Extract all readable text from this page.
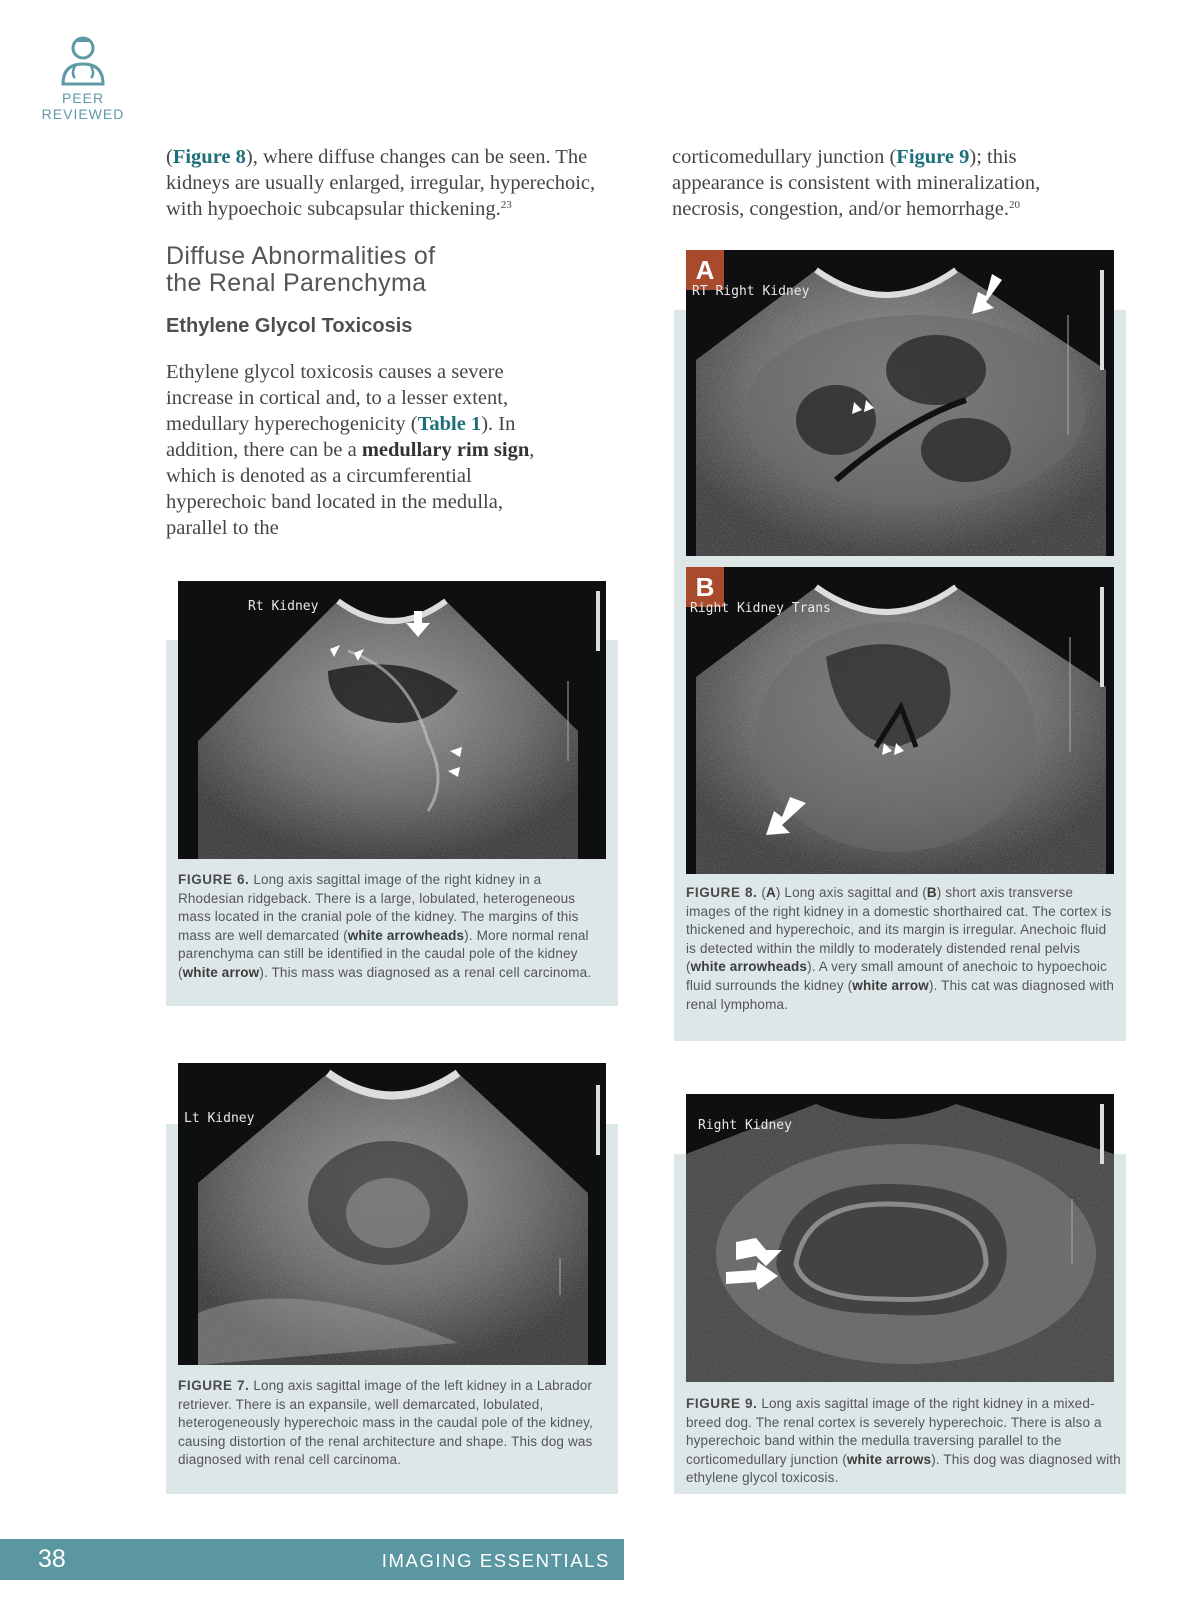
PEER
REVIEWED
(Figure 8), where diffuse changes can be seen. The kidneys are usually enlarged, irregular, hyperechoic, with hypoechoic subcapsular thickening.$^{23}$
corticomedullary junction (Figure 9); this appearance is consistent with mineralization, necrosis, congestion, and/or hemorrhage.$^{20}$
Diffuse Abnormalities of
the Renal Parenchyma
Ethylene Glycol Toxicosis
Ethylene glycol toxicosis causes a severe increase in cortical and, to a lesser extent, medullary hyperechogenicity (Table 1). In addition, there can be a medullary rim sign, which is denoted as a circumferential hyperechoic band located in the medulla, parallel to the
Rt Kidney
FIGURE 6. Long axis sagittal image of the right kidney in a Rhodesian ridgeback. There is a large, lobulated, heterogeneous mass located in the cranial pole of the kidney. The margins of this mass are well demarcated (white arrowheads). More normal renal parenchyma can still be identified in the caudal pole of the kidney (white arrow). This mass was diagnosed as a renal cell carcinoma.
Lt Kidney
FIGURE 7. Long axis sagittal image of the left kidney in a Labrador retriever. There is an expansile, well demarcated, lobulated, heterogeneously hyperechoic mass in the caudal pole of the kidney, causing distortion of the renal architecture and shape. This dog was diagnosed with renal cell carcinoma.
A
RT Right Kidney
B
Right Kidney Trans
FIGURE 8. (A) Long axis sagittal and (B) short axis transverse images of the right kidney in a domestic shorthaired cat. The cortex is thickened and hyperechoic, and its margin is irregular. Anechoic fluid is detected within the mildly to moderately distended renal pelvis (white arrowheads). A very small amount of anechoic to hypoechoic fluid surrounds the kidney (white arrow). This cat was diagnosed with renal lymphoma.
Right Kidney
FIGURE 9. Long axis sagittal image of the right kidney in a mixed-breed dog. The renal cortex is severely hyperechoic. There is also a hyperechoic band within the medulla traversing parallel to the corticomedullary junction (white arrows). This dog was diagnosed with ethylene glycol toxicosis.
38	IMAGING ESSENTIALS
